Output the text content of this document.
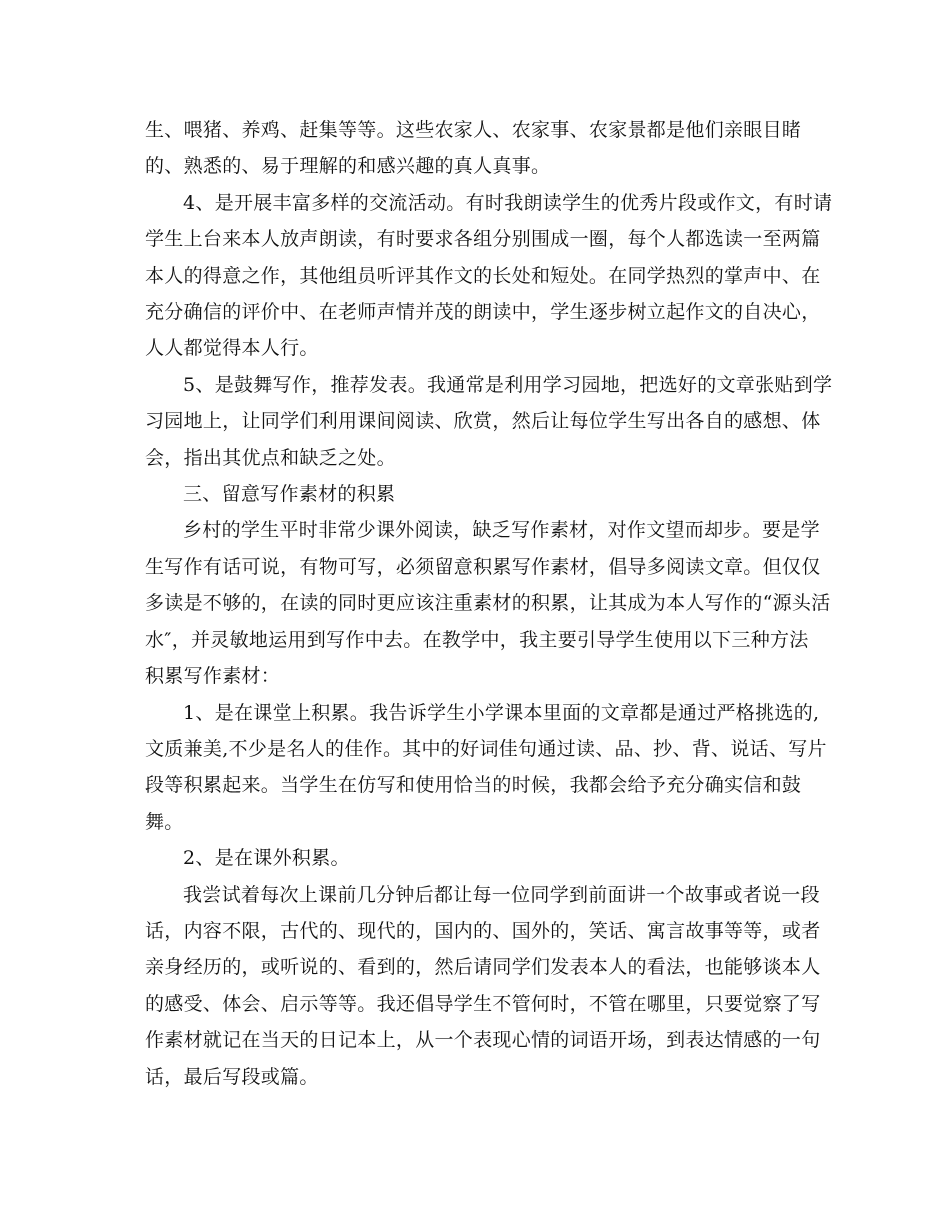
生、喂猪、养鸡、赶集等等。这些农家人、农家事、农家景都是他们亲眼目睹
的、熟悉的、易于理解的和感兴趣的真人真事。
4、是开展丰富多样的交流活动。有时我朗读学生的优秀片段或作文，有时请
学生上台来本人放声朗读，有时要求各组分别围成一圈，每个人都选读一至两篇
本人的得意之作，其他组员听评其作文的长处和短处。在同学热烈的掌声中、在
充分确信的评价中、在老师声情并茂的朗读中，学生逐步树立起作文的自决心，
人人都觉得本人行。
5、是鼓舞写作，推荐发表。我通常是利用学习园地，把选好的文章张贴到学
习园地上，让同学们利用课间阅读、欣赏，然后让每位学生写出各自的感想、体
会，指出其优点和缺乏之处。
三、留意写作素材的积累
乡村的学生平时非常少课外阅读，缺乏写作素材，对作文望而却步。要是学
生写作有话可说，有物可写，必须留意积累写作素材，倡导多阅读文章。但仅仅
多读是不够的，在读的同时更应该注重素材的积累，让其成为本人写作的“源头活
水″，并灵敏地运用到写作中去。在教学中，我主要引导学生使用以下三种方法
积累写作素材：
1、是在课堂上积累。我告诉学生小学课本里面的文章都是通过严格挑选的,
文质兼美,不少是名人的佳作。其中的好词佳句通过读、品、抄、背、说话、写片
段等积累起来。当学生在仿写和使用恰当的时候，我都会给予充分确实信和鼓
舞。
2、是在课外积累。
我尝试着每次上课前几分钟后都让每一位同学到前面讲一个故事或者说一段
话，内容不限，古代的、现代的，国内的、国外的，笑话、寓言故事等等，或者
亲身经历的，或听说的、看到的，然后请同学们发表本人的看法，也能够谈本人
的感受、体会、启示等等。我还倡导学生不管何时，不管在哪里，只要觉察了写
作素材就记在当天的日记本上，从一个表现心情的词语开场，到表达情感的一句
话，最后写段或篇。
